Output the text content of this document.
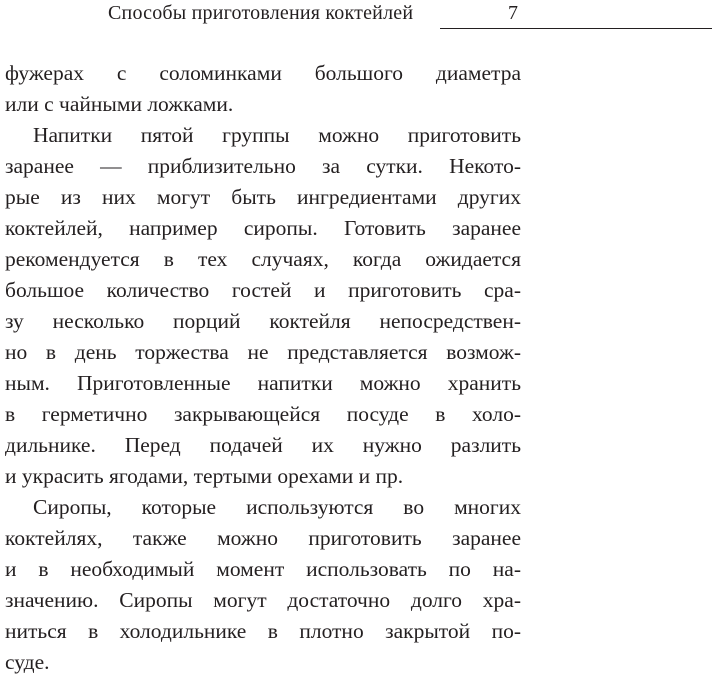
Способы приготовления коктейлей	7
фужерах с соломинками большого диаметра
или с чайными ложками.
Напитки пятой группы можно приготовить
заранее — приблизительно за сутки. Некото-
рые из них могут быть ингредиентами других
коктейлей, например сиропы. Готовить заранее
рекомендуется в тех случаях, когда ожидается
большое количество гостей и приготовить сра-
зу несколько порций коктейля непосредствен-
но в день торжества не представляется возмож-
ным. Приготовленные напитки можно хранить
в герметично закрывающейся посуде в холо-
дильнике. Перед подачей их нужно разлить
и украсить ягодами, тертыми орехами и пр.
Сиропы, которые используются во многих
коктейлях, также можно приготовить заранее
и в необходимый момент использовать по на-
значению. Сиропы могут достаточно долго хра-
ниться в холодильнике в плотно закрытой по-
суде.
